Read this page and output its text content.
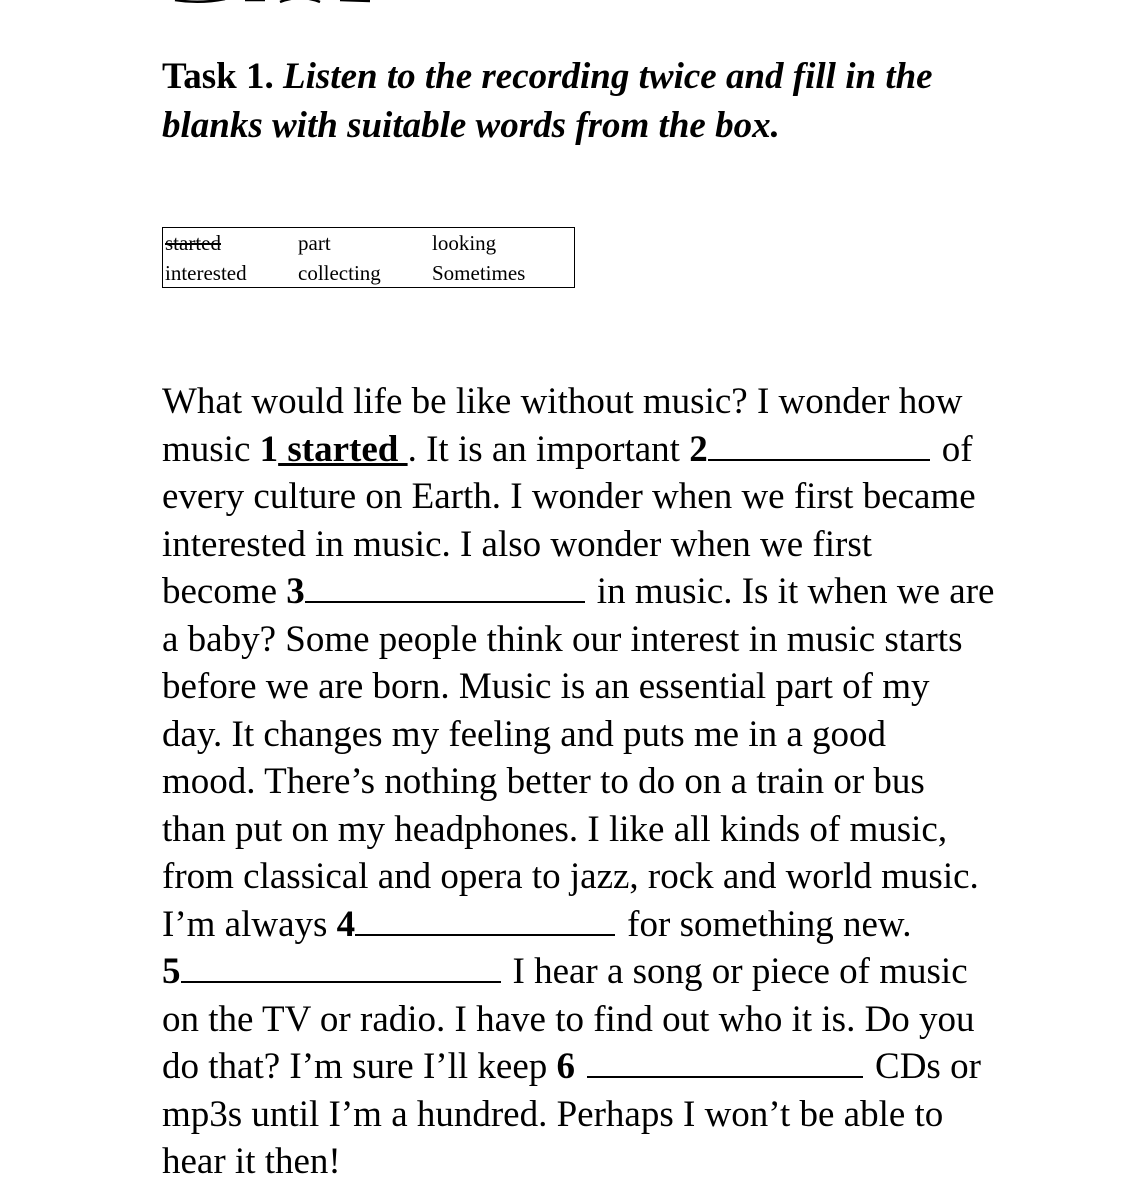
Task 1. Listen to the recording twice and fill in the
blanks with suitable words from the box.
started	part	looking
interested collecting Sometimes
What would life be like without music? I wonder how
music 1 started . It is an important 2	of
every culture on Earth. I wonder when we first became
interested in music. I also wonder when we first
become 3	in music. Is it when we are
a baby? Some people think our interest in music starts
before we are born. Music is an essential part of my
day. It changes my feeling and puts me in a good
mood. There’s nothing better to do on a train or bus
than put on my headphones. I like all kinds of music,
from classical and opera to jazz, rock and world music.
I’m always 4	for something new.
5	I hear a song or piece of music
on the TV or radio. I have to find out who it is. Do you
do that? I’m sure I’ll keep 6	CDs or
mp3s until I’m a hundred. Perhaps I won’t be able to
hear it then!
